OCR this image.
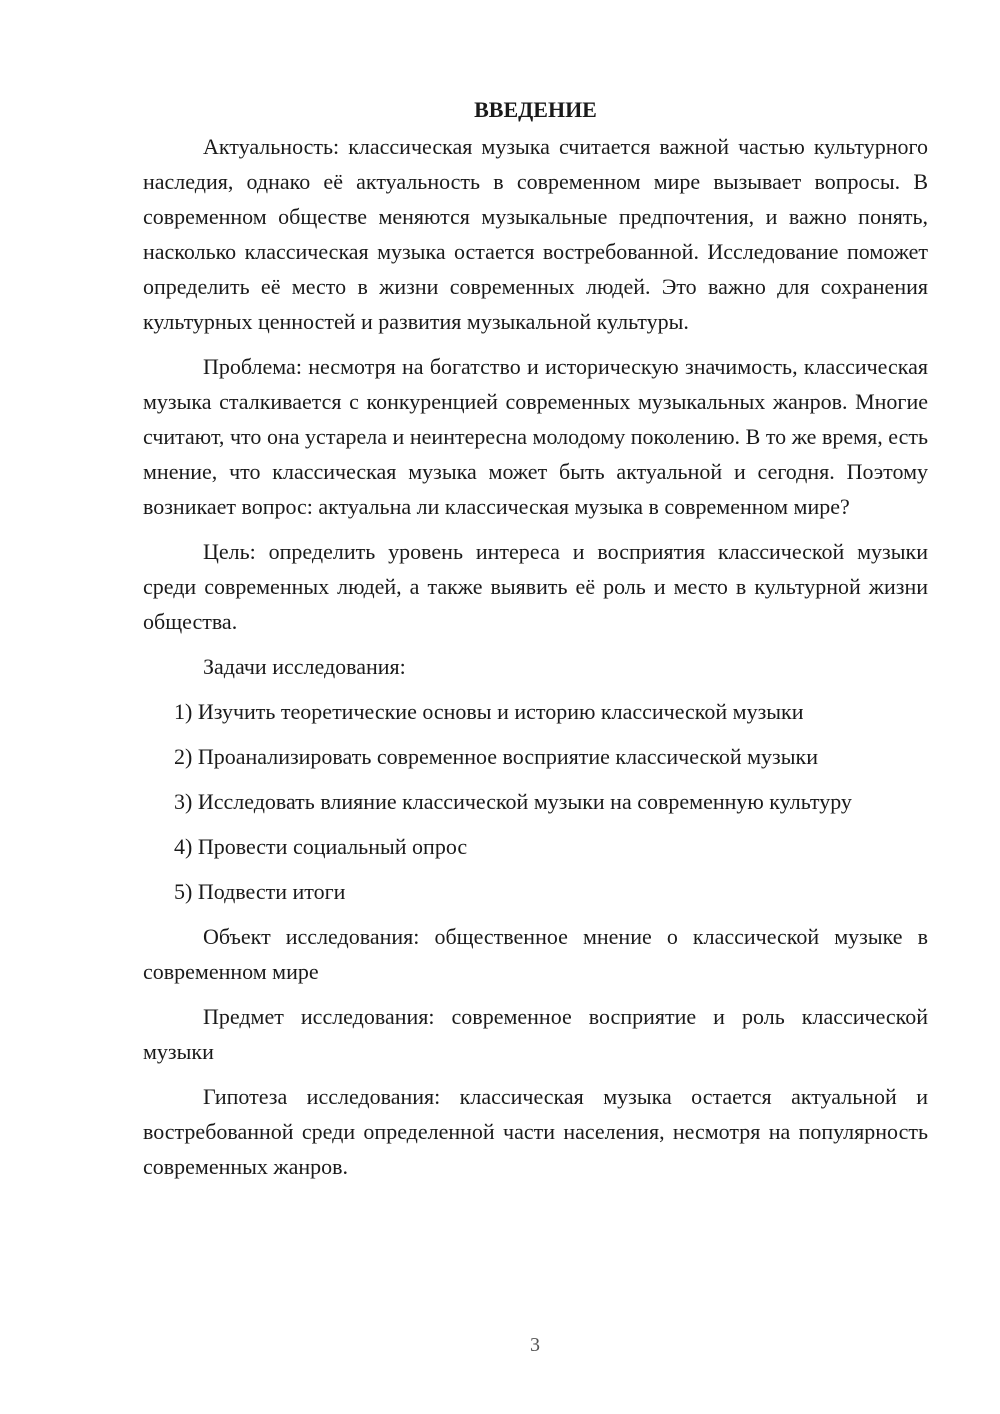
ВВЕДЕНИЕ

Актуальность: классическая музыка считается важной частью культурного наследия, однако её актуальность в современном мире вызывает вопросы. В современном обществе меняются музыкальные предпочтения, и важно понять, насколько классическая музыка остается востребованной. Исследование поможет определить её место в жизни современных людей. Это важно для сохранения культурных ценностей и развития музыкальной культуры.

Проблема: несмотря на богатство и историческую значимость, классическая музыка сталкивается с конкуренцией современных музыкальных жанров. Многие считают, что она устарела и неинтересна молодому поколению. В то же время, есть мнение, что классическая музыка может быть актуальной и сегодня. Поэтому возникает вопрос: актуальна ли классическая музыка в современном мире?

Цель: определить уровень интереса и восприятия классической музыки среди современных людей, а также выявить её роль и место в культурной жизни общества.

Задачи исследования:

1) Изучить теоретические основы и историю классической музыки

2) Проанализировать современное восприятие классической музыки

3) Исследовать влияние классической музыки на современную культуру

4) Провести социальный опрос

5) Подвести итоги

Объект исследования: общественное мнение о классической музыке в современном мире

Предмет исследования: современное восприятие и роль классической музыки

Гипотеза исследования: классическая музыка остается актуальной и востребованной среди определенной части населения, несмотря на популярность современных жанров.

3
